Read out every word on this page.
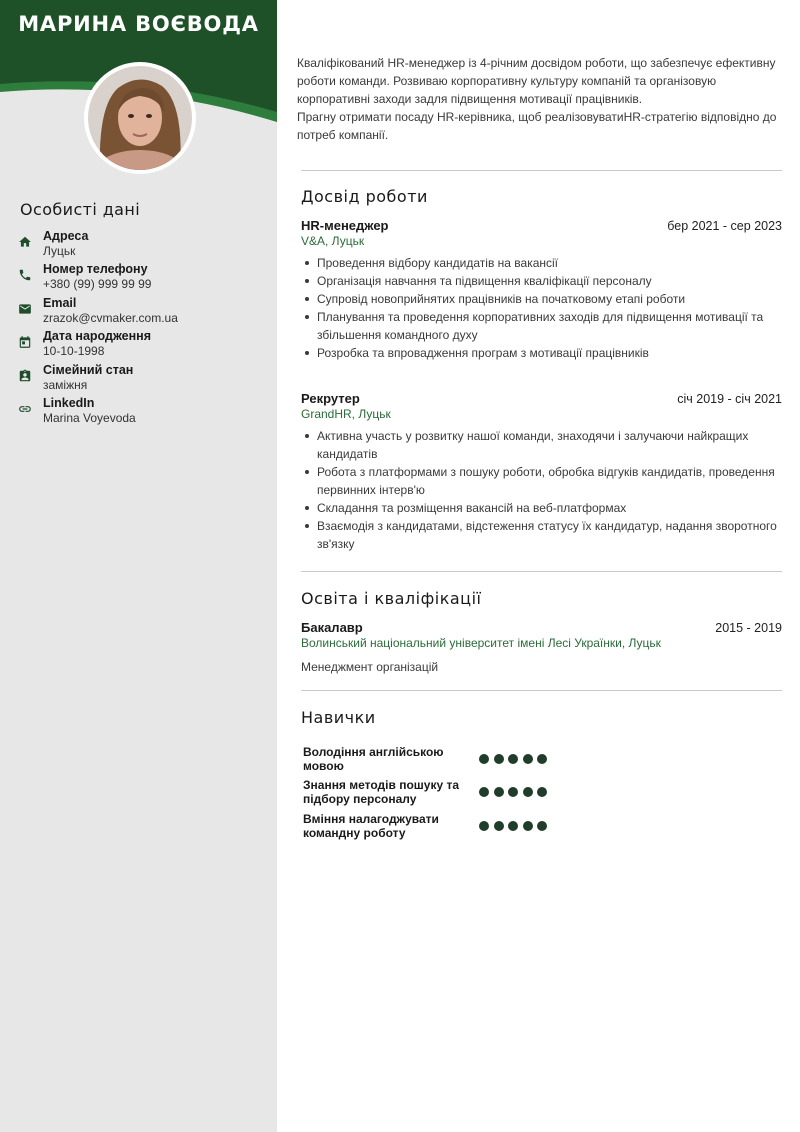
МАРИНА ВОЄВОДА
Особисті дані
Адреса
Луцьк
Номер телефону
+380 (99) 999 99 99
Email
zrazok@cvmaker.com.ua
Дата народження
10-10-1998
Сімейний стан
заміжня
LinkedIn
Marina Voyevoda

Кваліфікований HR-менеджер із 4-річним досвідом роботи, що забезпечує ефективну роботи команди. Розвиваю корпоративну культуру компаній та організовую корпоративні заходи задля підвищення мотивації працівників.

Прагну отримати посаду HR-керівника, щоб реалізовуватиHR-стратегію відповідно до потреб компанії.

Досвід роботи
HR-менеджер	бер 2021 - сер 2023
V&A, Луцьк
Проведення відбору кандидатів на вакансії
Організація навчання та підвищення кваліфікації персоналу
Супровід новоприйнятих працівників на початковому етапі роботи
Планування та проведення корпоративних заходів для підвищення мотивації та збільшення командного духу
Розробка та впровадження програм з мотивації працівників
Рекрутер	січ 2019 - січ 2021
GrandHR, Луцьк
Активна участь у розвитку нашої команди, знаходячи і залучаючи найкращих кандидатів
Робота з платформами з пошуку роботи, обробка відгуків кандидатів, проведення первинних інтерв'ю
Складання та розміщення вакансій на веб-платформах
Взаємодія з кандидатами, відстеження статусу їх кандидатур, надання зворотного зв'язку
Освіта і кваліфікації
Бакалавр	2015 - 2019
Волинський національний університет імені Лесі Українки, Луцьк
Менеджмент організацій
Навички
Володіння англійською мовою
Знання методів пошуку та підбору персоналу
Вміння налагоджувати командну роботу
